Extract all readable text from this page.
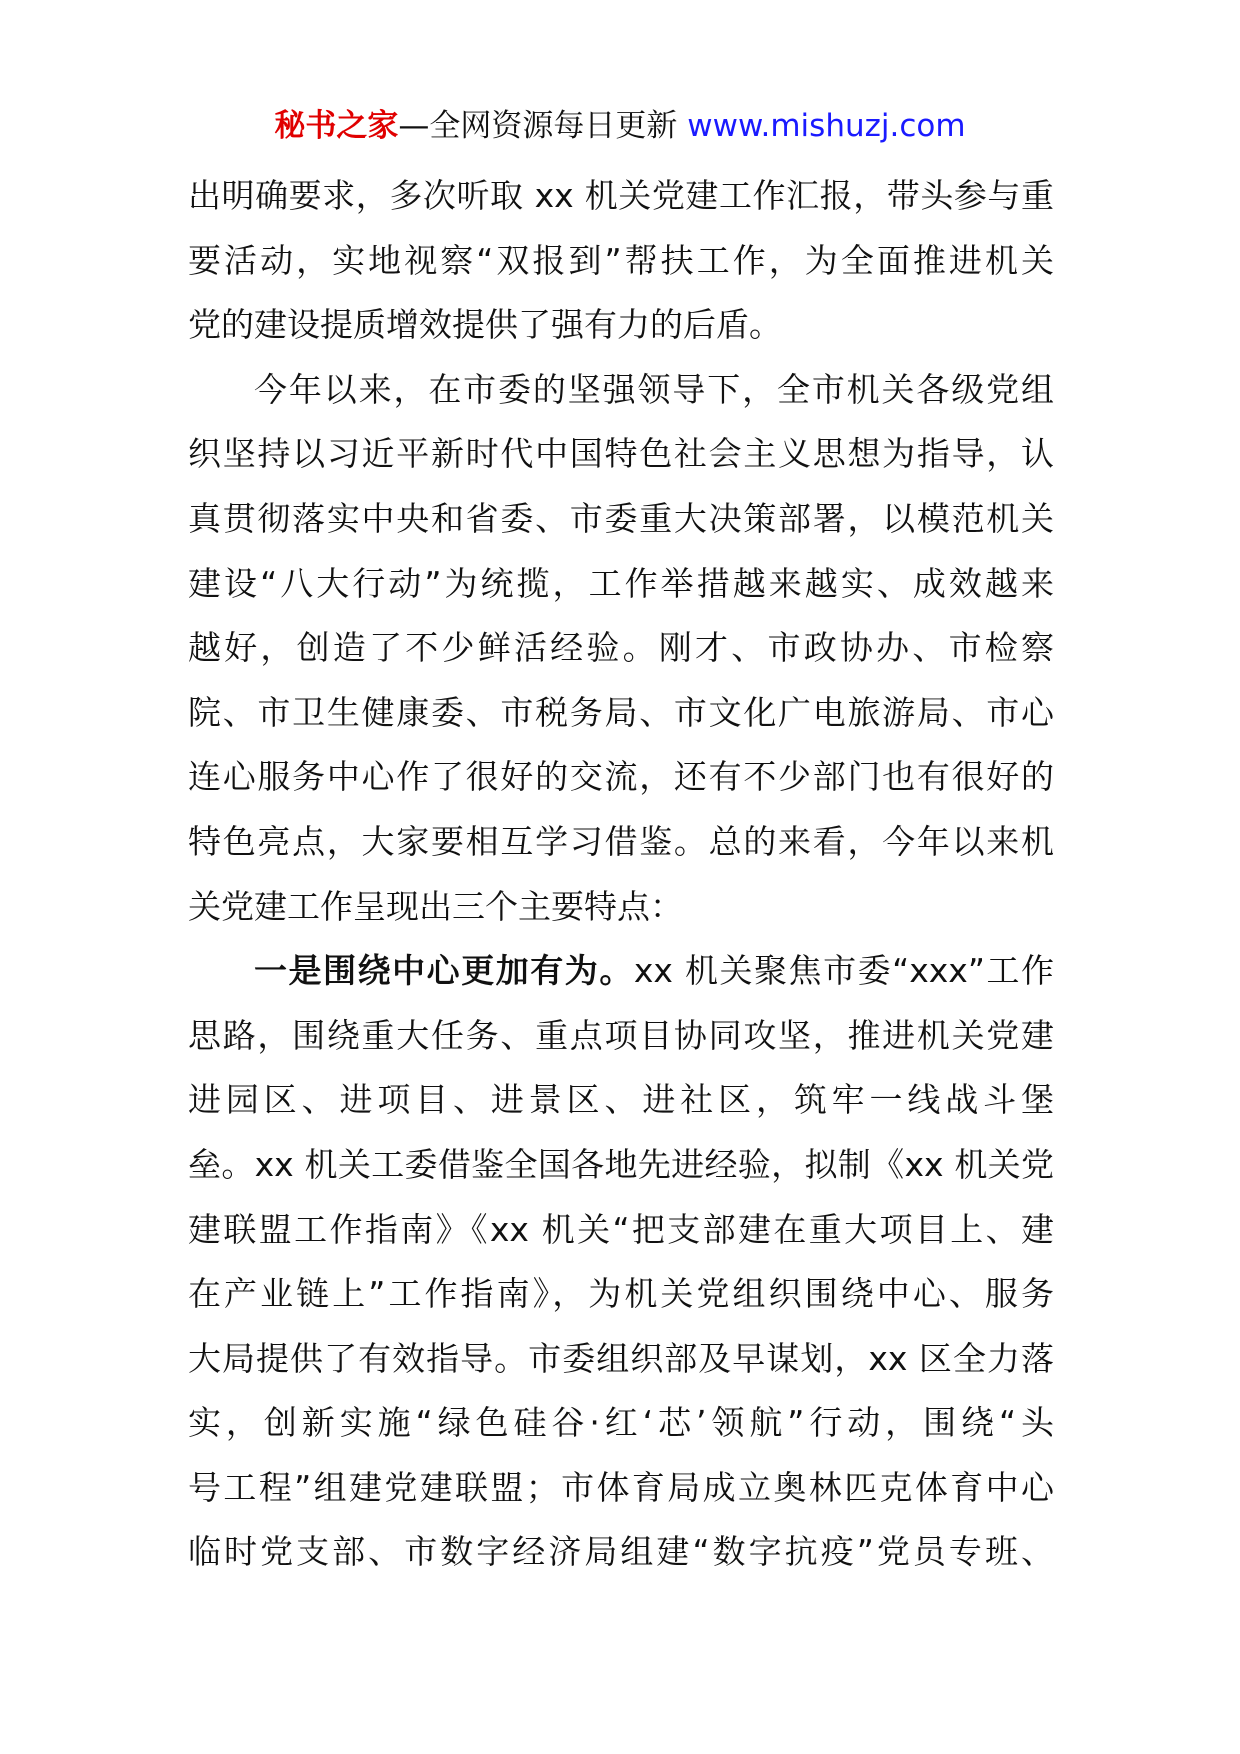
秘书之家—全网资源每日更新 www.mishuzj.com
出明确要求，多次听取 xx 机关党建工作汇报，带头参与重
要活动，实地视察“双报到”帮扶工作，为全面推进机关
党的建设提质增效提供了强有力的后盾。
今年以来，在市委的坚强领导下，全市机关各级党组
织坚持以习近平新时代中国特色社会主义思想为指导，认
真贯彻落实中央和省委、市委重大决策部署，以模范机关
建设“八大行动”为统揽，工作举措越来越实、成效越来
越好，创造了不少鲜活经验。刚才、市政协办、市检察
院、市卫生健康委、市税务局、市文化广电旅游局、市心
连心服务中心作了很好的交流，还有不少部门也有很好的
特色亮点，大家要相互学习借鉴。总的来看，今年以来机
关党建工作呈现出三个主要特点：
一是围绕中心更加有为。xx 机关聚焦市委“xxx”工作
思路，围绕重大任务、重点项目协同攻坚，推进机关党建
进园区、进项目、进景区、进社区，筑牢一线战斗堡
垒。xx 机关工委借鉴全国各地先进经验，拟制《xx 机关党
建联盟工作指南》《xx 机关“把支部建在重大项目上、建
在产业链上”工作指南》，为机关党组织围绕中心、服务
大局提供了有效指导。市委组织部及早谋划，xx 区全力落
实，创新实施“绿色硅谷·红‘芯’领航”行动，围绕“头
号工程”组建党建联盟；市体育局成立奥林匹克体育中心
临时党支部、市数字经济局组建“数字抗疫”党员专班、
